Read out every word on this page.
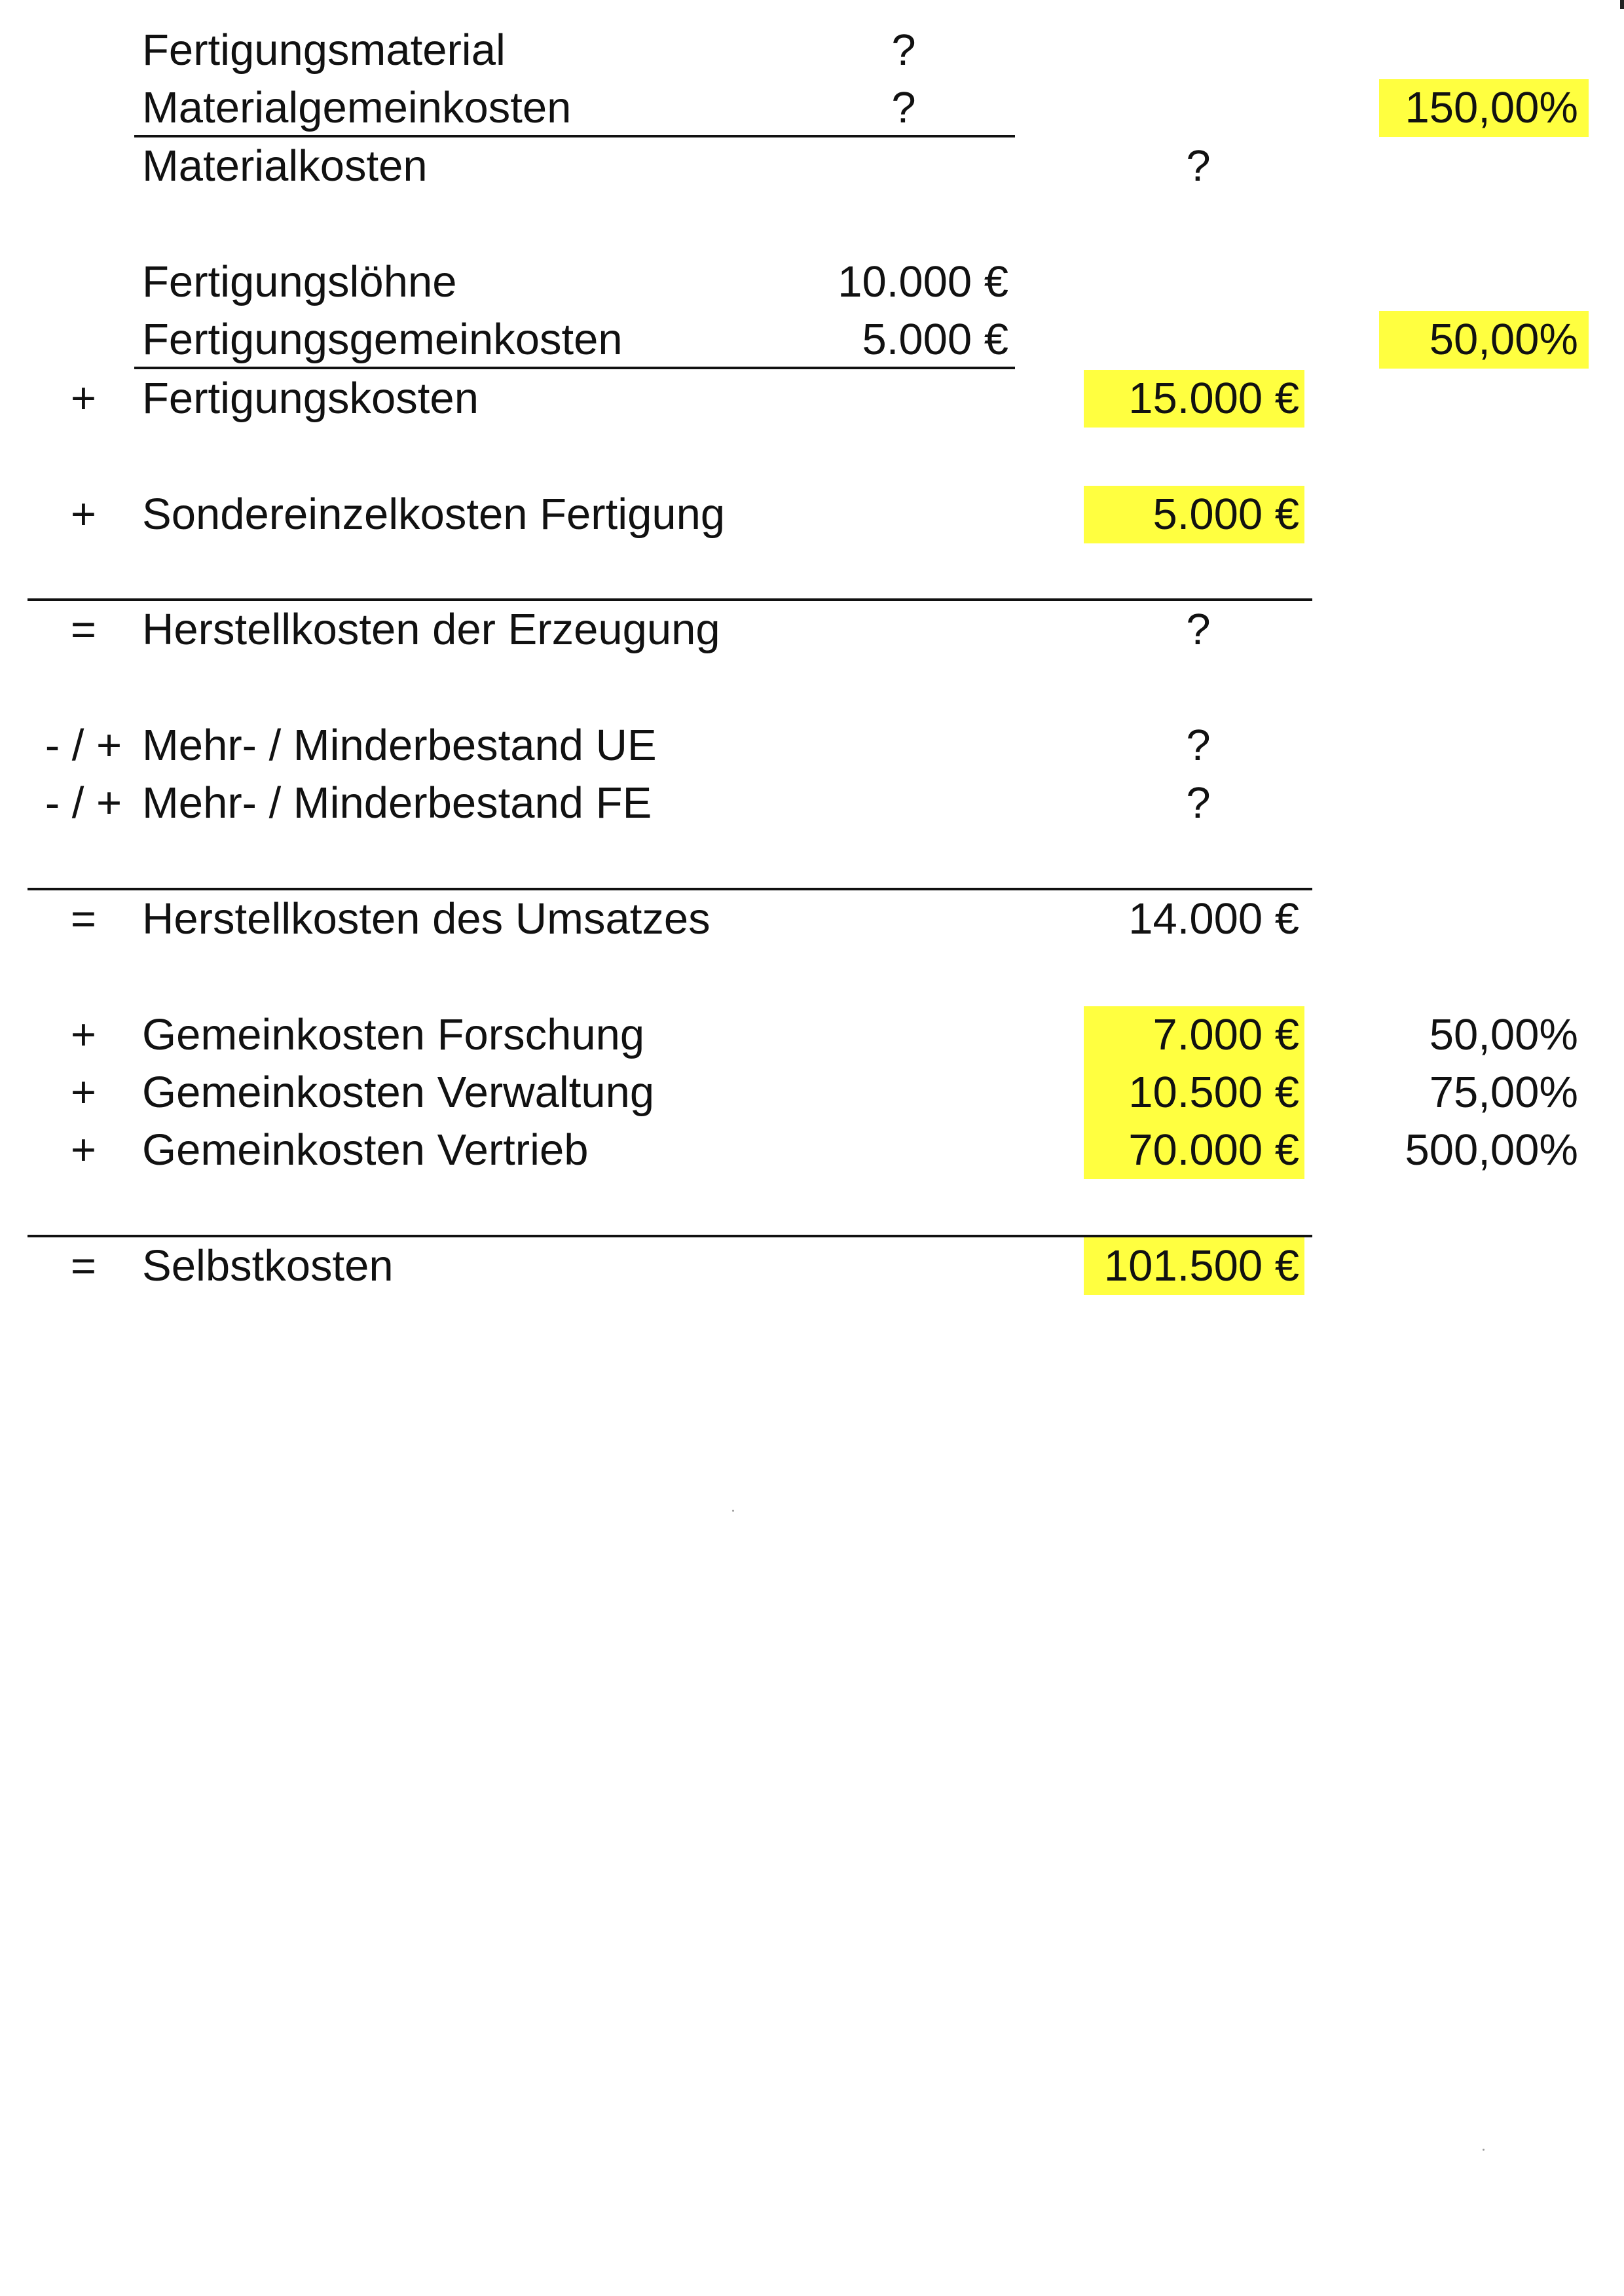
Fertigungsmaterial	?
Materialgemeinkosten	?	150,00%
Materialkosten	?
Fertigungslöhne	10.000 €
Fertigungsgemeinkosten	5.000 €	50,00%
+	Fertigungskosten	15.000 €
+	Sondereinzelkosten Fertigung	5.000 €
=	Herstellkosten der Erzeugung	?
- / + Mehr- / Minderbestand UE	?
- / + Mehr- / Minderbestand FE	?
=	Herstellkosten des Umsatzes	14.000 €
+	Gemeinkosten Forschung	7.000 €	50,00%
+	Gemeinkosten Verwaltung	10.500 €	75,00%
+	Gemeinkosten Vertrieb	70.000 €	500,00%
=	Selbstkosten	101.500 €
